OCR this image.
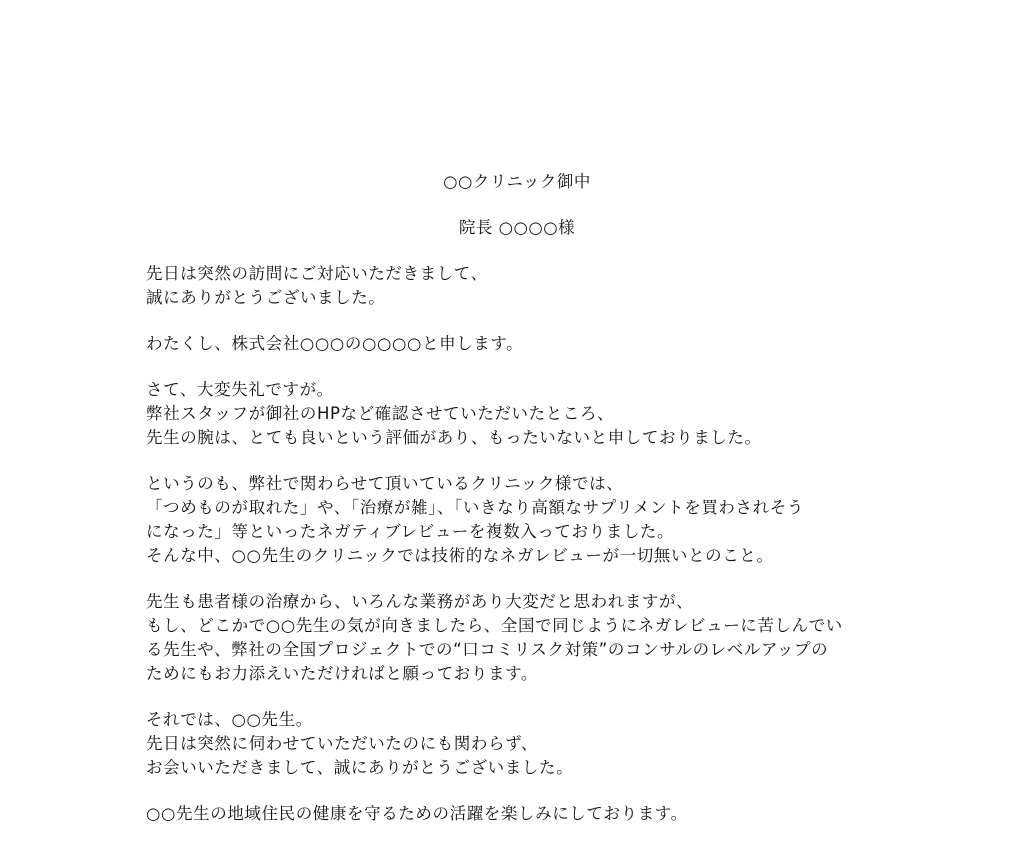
○○クリニック御中
院長 ○○○○様
先日は突然の訪問にご対応いただきまして、
誠にありがとうございました。
わたくし、株式会社○○○の○○○○と申します。
さて、大変失礼ですが。
弊社スタッフが御社のHPなど確認させていただいたところ、
先生の腕は、とても良いという評価があり、もったいないと申しておりました。
というのも、弊社で関わらせて頂いているクリニック様では、
「つめものが取れた」や、「治療が雑」、「いきなり高額なサプリメントを買わされそう
になった」等といったネガティブレビューを複数入っておりました。
そんな中、○○先生のクリニックでは技術的なネガレビューが一切無いとのこと。
先生も患者様の治療から、いろんな業務があり大変だと思われますが、
もし、どこかで○○先生の気が向きましたら、全国で同じようにネガレビューに苦しんでい
る先生や、弊社の全国プロジェクトでの“口コミリスク対策”のコンサルのレベルアップの
ためにもお力添えいただければと願っております。
それでは、○○先生。
先日は突然に伺わせていただいたのにも関わらず、
お会いいただきまして、誠にありがとうございました。
○○先生の地域住民の健康を守るための活躍を楽しみにしております。
